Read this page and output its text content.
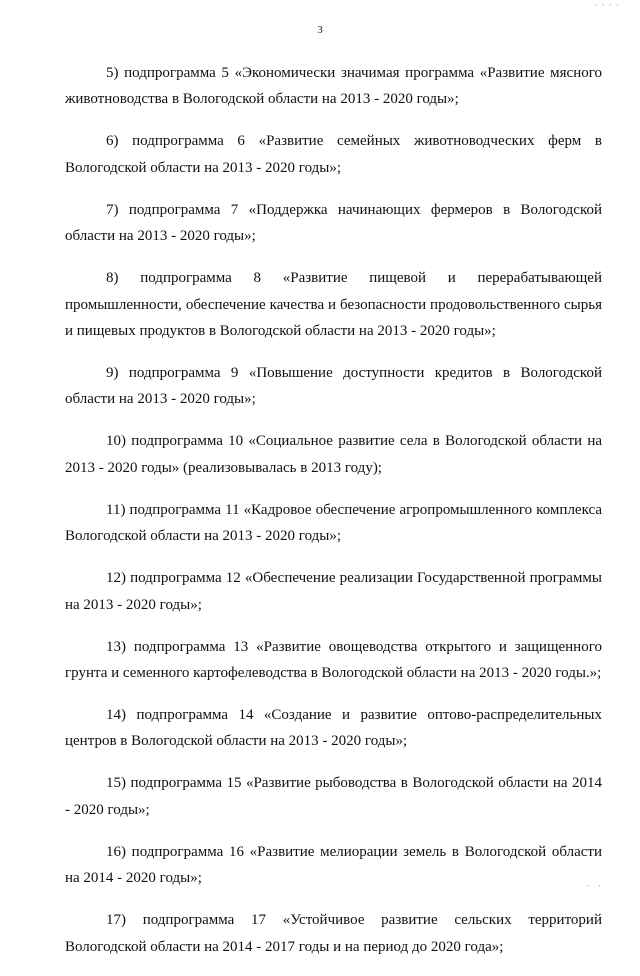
· · · ·
3

5) подпрограмма 5 «Экономически значимая программа «Развитие мясного животноводства в Вологодской области на 2013 - 2020 годы»;

6) подпрограмма 6 «Развитие семейных животноводческих ферм в Вологодской области на 2013 - 2020 годы»;

7) подпрограмма 7 «Поддержка начинающих фермеров в Вологодской области на 2013 - 2020 годы»;

8) подпрограмма 8 «Развитие пищевой и перерабатывающей промышленности, обеспечение качества и безопасности продовольственного сырья и пищевых продуктов в Вологодской области на 2013 - 2020 годы»;

9) подпрограмма 9 «Повышение доступности кредитов в Вологодской области на 2013 - 2020 годы»;

10) подпрограмма 10 «Социальное развитие села в Вологодской области на 2013 - 2020 годы» (реализовывалась в 2013 году);

11) подпрограмма 11 «Кадровое обеспечение агропромышленного комплекса Вологодской области на 2013 - 2020 годы»;

12) подпрограмма 12 «Обеспечение реализации Государственной программы на 2013 - 2020 годы»;

13) подпрограмма 13 «Развитие овощеводства открытого и защищенного грунта и семенного картофелеводства в Вологодской области на 2013 - 2020 годы.»;

14) подпрограмма 14 «Создание и развитие оптово-распределительных центров в Вологодской области на 2013 - 2020 годы»;

15) подпрограмма 15 «Развитие рыбоводства в Вологодской области на 2014 - 2020 годы»;

16) подпрограмма 16 «Развитие мелиорации земель в Вологодской области на 2014 - 2020 годы»;

17) подпрограмма 17 «Устойчивое развитие сельских территорий Вологодской области на 2014 - 2017 годы и на период до 2020 года»;

· ·
